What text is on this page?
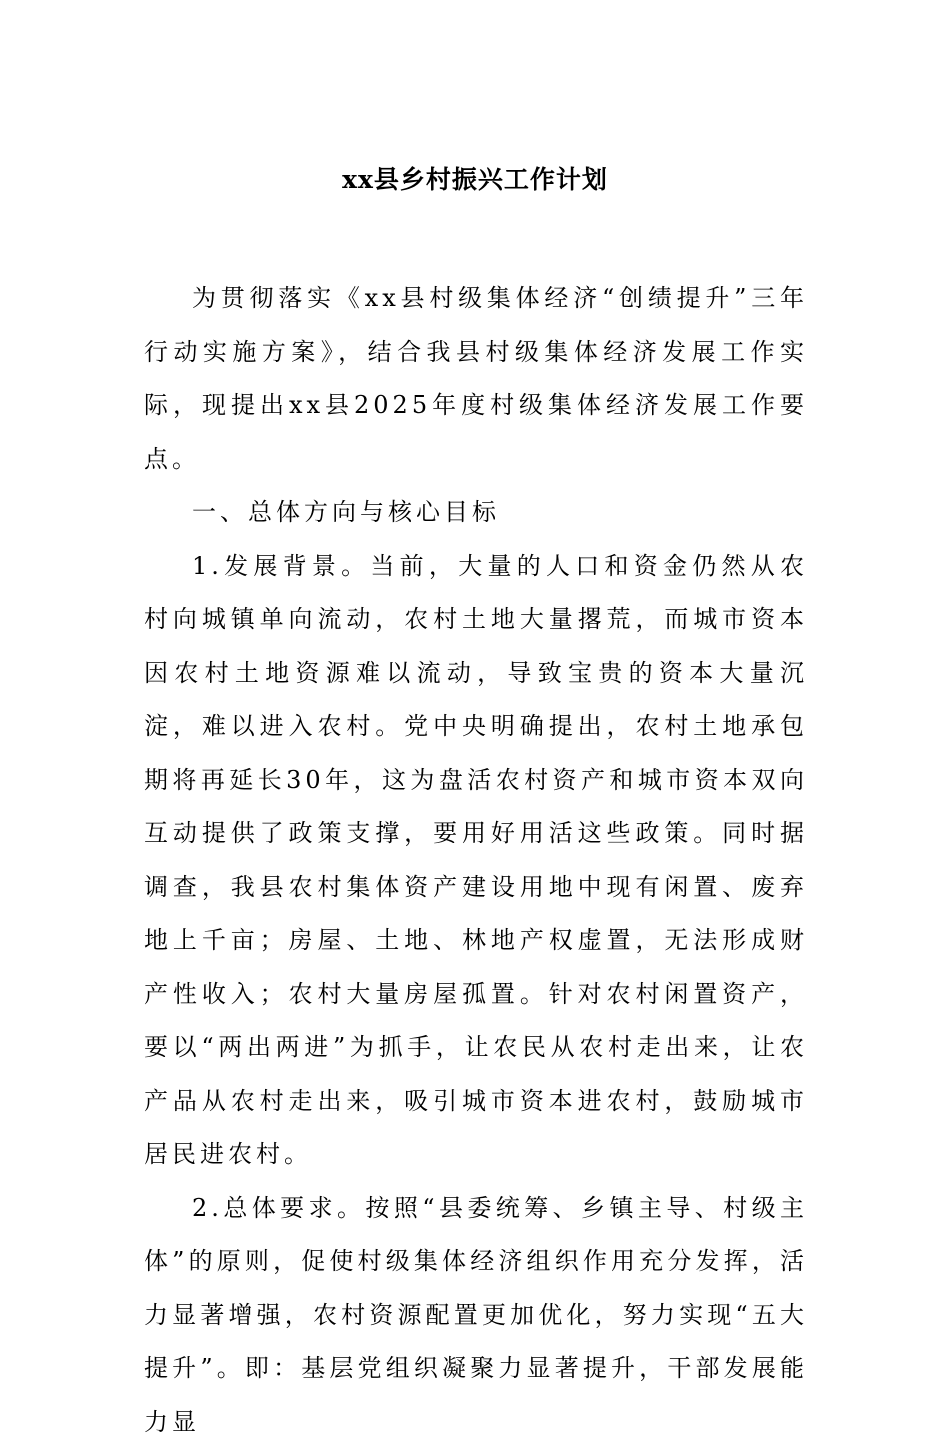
xx县乡村振兴工作计划

为贯彻落实《xx县村级集体经济“创绩提升”三年行动实施方案》，结合我县村级集体经济发展工作实际，现提出xx县2025年度村级集体经济发展工作要点。

一、总体方向与核心目标

1.发展背景。当前，大量的人口和资金仍然从农村向城镇单向流动，农村土地大量撂荒，而城市资本因农村土地资源难以流动，导致宝贵的资本大量沉淀，难以进入农村。党中央明确提出，农村土地承包期将再延长30年，这为盘活农村资产和城市资本双向互动提供了政策支撑，要用好用活这些政策。同时据调查，我县农村集体资产建设用地中现有闲置、废弃地上千亩；房屋、土地、林地产权虚置，无法形成财产性收入；农村大量房屋孤置。针对农村闲置资产，要以“两出两进”为抓手，让农民从农村走出来，让农产品从农村走出来，吸引城市资本进农村，鼓励城市居民进农村。

2.总体要求。按照“县委统筹、乡镇主导、村级主体”的原则，促使村级集体经济组织作用充分发挥，活力显著增强，农村资源配置更加优化，努力实现“五大提升”。即：基层党组织凝聚力显著提升，干部发展能力显
